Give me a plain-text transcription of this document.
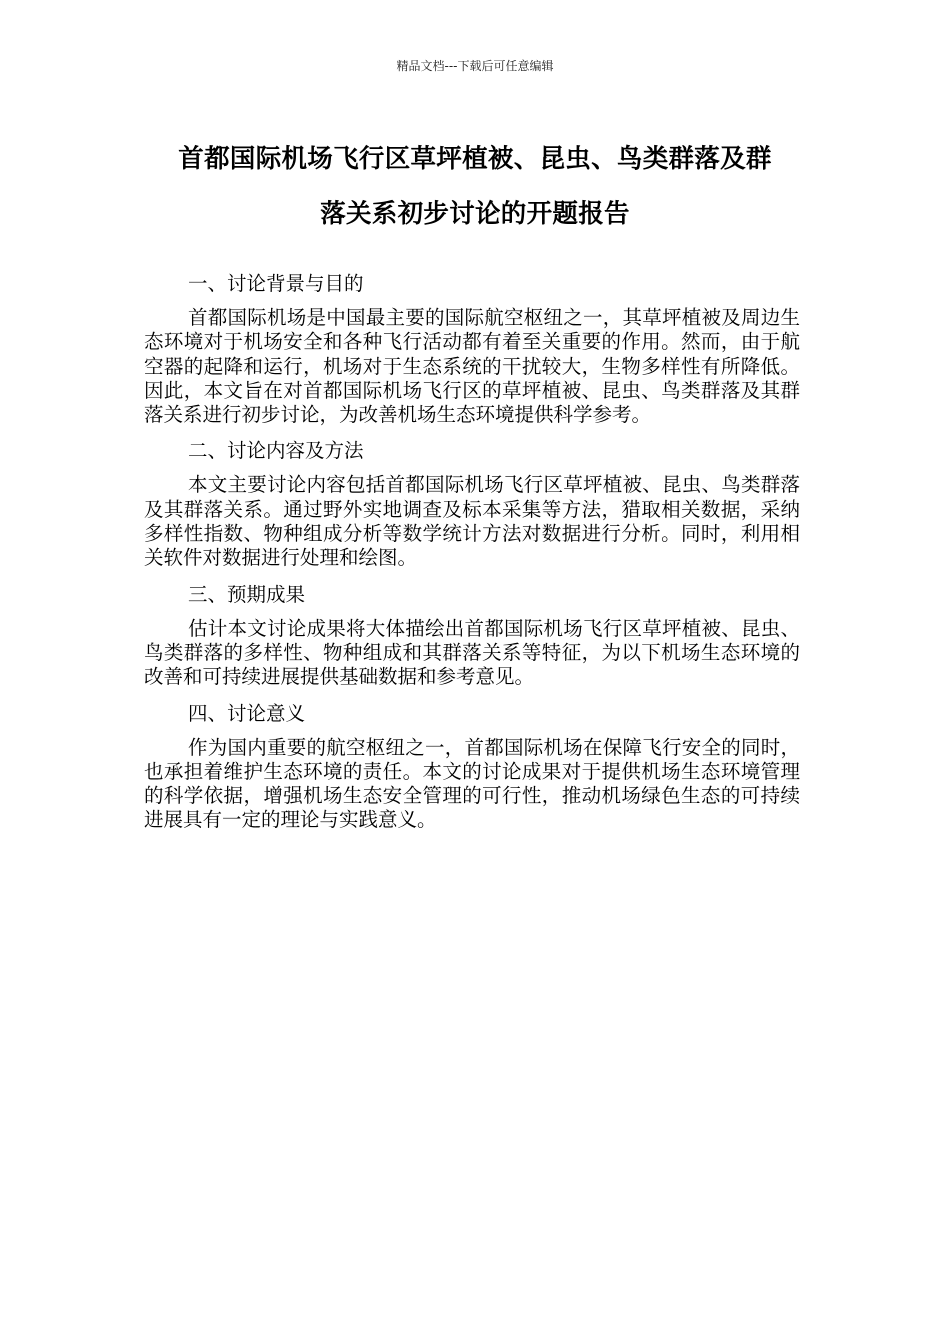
精品文档---下载后可任意编辑
首都国际机场飞行区草坪植被、昆虫、鸟类群落及群
落关系初步讨论的开题报告
一、讨论背景与目的

首都国际机场是中国最主要的国际航空枢纽之一，其草坪植被及周边生态环境对于机场安全和各种飞行活动都有着至关重要的作用。然而，由于航空器的起降和运行，机场对于生态系统的干扰较大，生物多样性有所降低。因此，本文旨在对首都国际机场飞行区的草坪植被、昆虫、鸟类群落及其群落关系进行初步讨论，为改善机场生态环境提供科学参考。

二、讨论内容及方法

本文主要讨论内容包括首都国际机场飞行区草坪植被、昆虫、鸟类群落及其群落关系。通过野外实地调查及标本采集等方法，猎取相关数据，采纳多样性指数、物种组成分析等数学统计方法对数据进行分析。同时，利用相关软件对数据进行处理和绘图。

三、预期成果

估计本文讨论成果将大体描绘出首都国际机场飞行区草坪植被、昆虫、鸟类群落的多样性、物种组成和其群落关系等特征，为以下机场生态环境的改善和可持续进展提供基础数据和参考意见。

四、讨论意义

作为国内重要的航空枢纽之一，首都国际机场在保障飞行安全的同时，也承担着维护生态环境的责任。本文的讨论成果对于提供机场生态环境管理的科学依据，增强机场生态安全管理的可行性，推动机场绿色生态的可持续进展具有一定的理论与实践意义。
